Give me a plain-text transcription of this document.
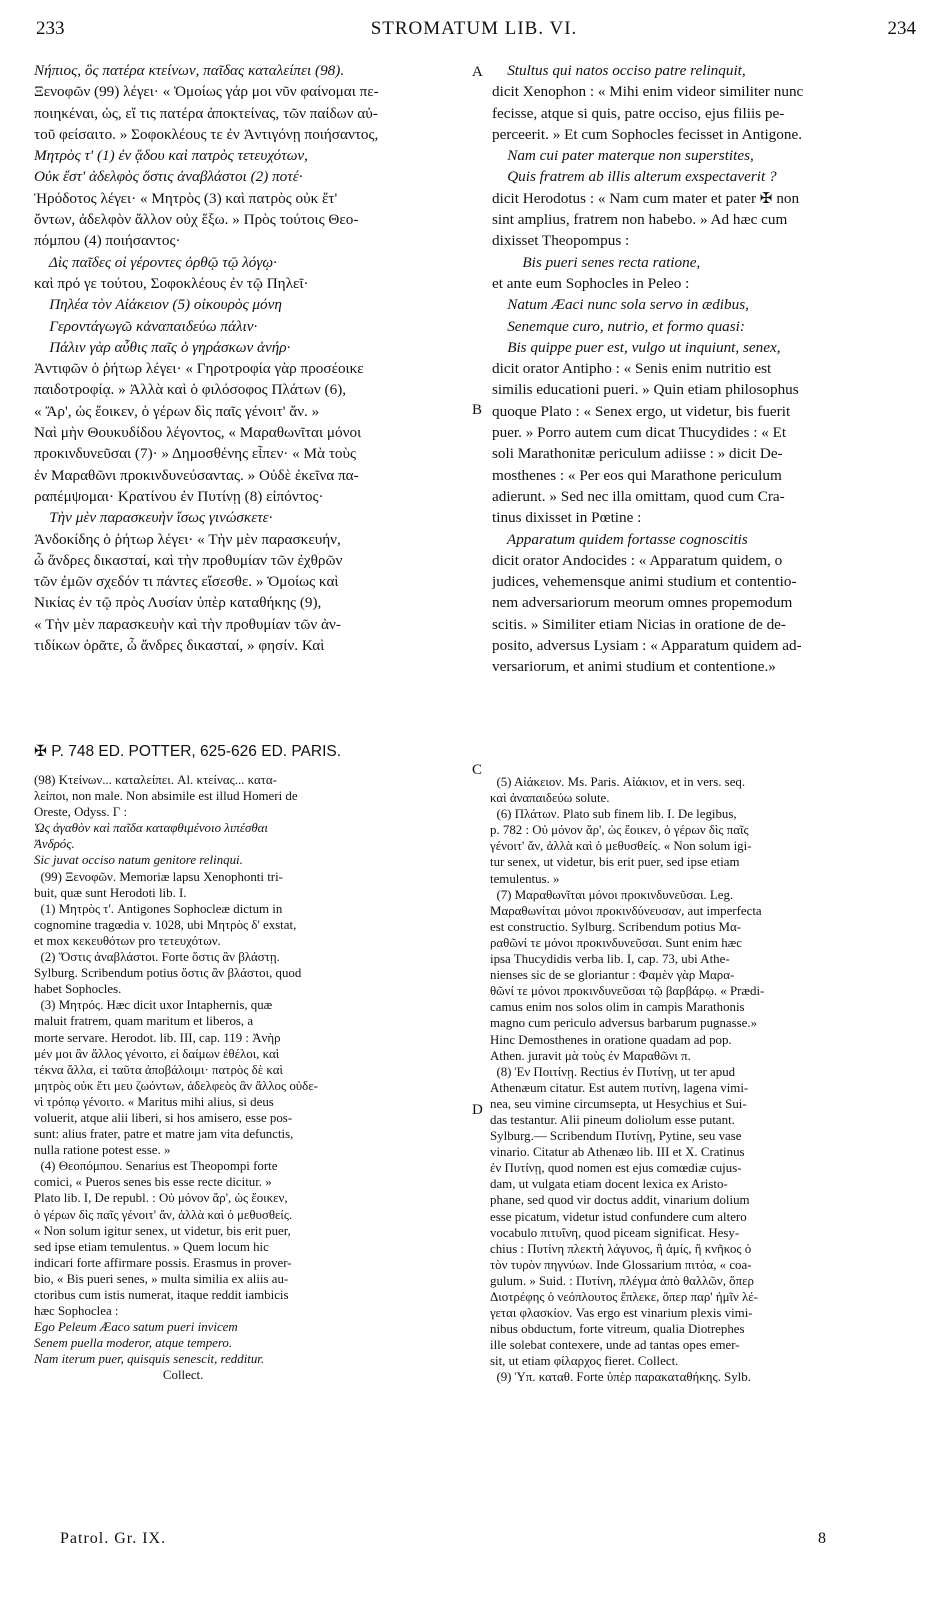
233	STROMATUM LIB. VI.	234
Νήπιος, ὃς πατέρα κτείνων, παῖδας καταλείπει (98).
Ξενοφῶν (99) λέγει· « Ὁμοίως γάρ μοι νῦν φαίνομαι πε-
ποιηκέναι, ὡς, εἴ τις πατέρα ἀποκτείνας, τῶν παίδων αὐ-
τοῦ φείσαιτο. » Σοφοκλέους τε ἐν Ἀντιγόνῃ ποιήσαντος,
Μητρὸς τ' (1) ἐν ᾅδου καὶ πατρὸς τετευχότων,
Οὐκ ἔστ' ἀδελφὸς ὅστις ἀναβλάστοι (2) ποτέ·
Ἡρόδοτος λέγει· « Μητρὸς (3) καὶ πατρὸς οὐκ ἔτ'
ὄντων, ἀδελφὸν ἄλλον οὐχ ἕξω. » Πρὸς τούτοις Θεο-
πόμπου (4) ποιήσαντος·
Δὶς παῖδες οἱ γέροντες ὀρθῷ τῷ λόγῳ·
καὶ πρό γε τούτου, Σοφοκλέους ἐν τῷ Πηλεῖ·
Πηλέα τὸν Αἰάκειον (5) οἰκουρὸς μόνη
Γεροντάγωγῶ κἀναπαιδεύω πάλιν·
Πάλιν γὰρ αὖθις παῖς ὁ γηράσκων ἀνήρ·
Ἀντιφῶν ὁ ῥήτωρ λέγει· « Γηροτροφία γὰρ προσέοικε
παιδοτροφίᾳ. » Ἀλλὰ καὶ ὁ φιλόσοφος Πλάτων (6),
« Ἄρ', ὡς ἔοικεν, ὁ γέρων δὶς παῖς γένοιτ' ἄν. »
Ναὶ μὴν Θουκυδίδου λέγοντος, « Μαραθωνῖται μόνοι
προκινδυνεῦσαι (7)· » Δημοσθένης εἶπεν· « Μὰ τοὺς
ἐν Μαραθῶνι προκινδυνεύσαντας. » Οὐδὲ ἐκεῖνα πα-
ραπέμψομαι· Κρατίνου ἐν Πυτίνῃ (8) εἰπόντος·
Τὴν μὲν παρασκευὴν ἴσως γινώσκετε·
Ἀνδοκίδης ὁ ῥήτωρ λέγει· « Τὴν μὲν παρασκευήν,
ὦ ἄνδρες δικασταί, καὶ τὴν προθυμίαν τῶν ἐχθρῶν
τῶν ἐμῶν σχεδόν τι πάντες εἴσεσθε. » Ὁμοίως καὶ
Νικίας ἐν τῷ πρὸς Λυσίαν ὑπὲρ καταθήκης (9),
« Τὴν μὲν παρασκευὴν καὶ τὴν προθυμίαν τῶν ἀν-
τιδίκων ὁρᾶτε, ὦ ἄνδρες δικασταί, » φησίν. Καὶ
Stultus qui natos occiso patre relinquit,
dicit Xenophon : « Mihi enim videor similiter nunc
fecisse, atque si quis, patre occiso, ejus filiis pe-
perceerit. » Et cum Sophocles fecisset in Antigone.
Nam cui pater materque non superstites,
Quis fratrem ab illis alterum exspectaverit ?
dicit Herodotus : « Nam cum mater et pater ✠ non
sint amplius, fratrem non habebo. » Ad hæc cum
dixisset Theopompus :
Bis pueri senes recta ratione,
et ante eum Sophocles in Peleo :
Natum Æaci nunc sola servo in ædibus,
Senemque curo, nutrio, et formo quasi:
Bis quippe puer est, vulgo ut inquiunt, senex,
dicit orator Antipho : « Senis enim nutritio est
similis educationi pueri. » Quin etiam philosophus
quoque Plato : « Senex ergo, ut videtur, bis fuerit
puer. » Porro autem cum dicat Thucydides : « Et
soli Marathonitæ periculum adiisse : » dicit De-
mosthenes : « Per eos qui Marathone periculum
adierunt. » Sed nec illa omittam, quod cum Cra-
tinus dixisset in Pœtine :
Apparatum quidem fortasse cognoscitis
dicit orator Andocides : « Apparatum quidem, o
judices, vehemensque animi studium et contentio-
nem adversariorum meorum omnes propemodum
scitis. » Similiter etiam Nicias in oratione de de-
posito, adversus Lysiam : « Apparatum quidem ad-
versariorum, et animi studium et contentione.»
A
B
C
D
✠ P. 748 ED. POTTER, 625-626 ED. PARIS.
(98) Κτείνων... καταλείπει. Al. κτείνας... κατα-
λείποι, non male. Non absimile est illud Homeri de
Oreste, Odyss. Γ :
Ὡς ἀγαθὸν καὶ παῖδα καταφθιμένοιο λιπέσθαι
Ἀνδρός.
Sic juvat occiso natum genitore relinqui.
(99) Ξενοφῶν. Memoriæ lapsu Xenophonti tri-
buit, quæ sunt Herodoti lib. I.
(1) Μητρὸς τ'. Antigones Sophocleæ dictum in
cognomine tragœdia v. 1028, ubi Μητρὸς δ' exstat,
et mox κεκευθότων pro τετευχότων.
(2) Ὅστις ἀναβλάστοι. Forte ὅστις ἂν βλάστῃ.
Sylburg. Scribendum potius ὅστις ἂν βλάστοι, quod
habet Sophocles.
(3) Μητρός. Hæc dicit uxor Intaphernis, quæ
maluit fratrem, quam maritum et liberos, a
morte servare. Herodot. lib. III, cap. 119 : Ἀνὴρ
μέν μοι ἂν ἄλλος γένοιτο, εἰ δαίμων ἐθέλοι, καὶ
τέκνα ἄλλα, εἰ ταῦτα ἀποβάλοιμι· πατρὸς δὲ καὶ
μητρὸς οὐκ ἔτι μευ ζωόντων, ἀδελφεὸς ἂν ἄλλος οὐδε-
νὶ τρόπῳ γένοιτο. « Maritus mihi alius, si deus
voluerit, atque alii liberi, si hos amisero, esse pos-
sunt: alius frater, patre et matre jam vita defunctis,
nulla ratione potest esse. »
(4) Θεοπόμπου. Senarius est Theopompi forte
comici, « Pueros senes bis esse recte dicitur. »
Plato lib. I, De republ. : Οὐ μόνον ἄρ', ὡς ἔοικεν,
ὁ γέρων δὶς παῖς γένοιτ' ἄν, ἀλλὰ καὶ ὁ μεθυσθείς.
« Non solum igitur senex, ut videtur, bis erit puer,
sed ipse etiam temulentus. » Quem locum hic
indicari forte affirmare possis. Erasmus in prover-
bio, « Bis pueri senes, » multa similia ex aliis au-
ctoribus cum istis numerat, itaque reddit iambicis
hæc Sophoclea :
Ego Peleum Æaco satum pueri invicem
Senem puella moderor, atque tempero.
Nam iterum puer, quisquis senescit, redditur.
Collect.
(5) Αἰάκειον. Ms. Paris. Αἰάκιον, et in vers. seq.
καὶ ἀναπαιδεύω solute.
(6) Πλάτων. Plato sub finem lib. I. De legibus,
p. 782 : Οὐ μόνον ἄρ', ὡς ἔοικεν, ὁ γέρων δὶς παῖς
γένοιτ' ἄν, ἀλλὰ καὶ ὁ μεθυσθείς. « Non solum igi-
tur senex, ut videtur, bis erit puer, sed ipse etiam
temulentus. »
(7) Μαραθωνῖται μόνοι προκινδυνεῦσαι. Leg.
Μαραθωνίται μόνοι προκινδύνευσαν, aut imperfecta
est constructio. Sylburg. Scribendum potius Μα-
ραθῶνί τε μόνοι προκινδυνεῦσαι. Sunt enim hæc
ipsa Thucydidis verba lib. I, cap. 73, ubi Athe-
nienses sic de se gloriantur : Φαμὲν γὰρ Μαρα-
θῶνί τε μόνοι προκινδυνεῦσαι τῷ βαρβάρῳ. « Prædi-
camus enim nos solos olim in campis Marathonis
magno cum periculo adversus barbarum pugnasse.»
Hinc Demosthenes in oratione quadam ad pop.
Athen. juravit μὰ τοὺς ἐν Μαραθῶνι π.
(8) Ἐν Ποιτίνῃ. Rectius ἐν Πυτίνῃ, ut ter apud
Athenæum citatur. Est autem πυτίνη, lagena vimi-
nea, seu vimine circumsepta, ut Hesychius et Sui-
das testantur. Alii pineum doliolum esse putant.
Sylburg.— Scribendum Πυτίνῃ, Pytine, seu vase
vinario. Citatur ab Athenæo lib. III et X. Cratinus
ἐν Πυτίνῃ, quod nomen est ejus comœdiæ cujus-
dam, ut vulgata etiam docent lexica ex Aristo-
phane, sed quod vir doctus addit, vinarium dolium
esse picatum, videtur istud confundere cum altero
vocabulo πιτυΐνη, quod piceam significat. Hesy-
chius : Πυτίνη πλεκτὴ λάγυνος, ἢ ἀμίς, ἢ κνῆκος ὁ
τὸν τυρὸν πηγνύων. Inde Glossarium πιτόα, « coa-
gulum. » Suid. : Πυτίνη, πλέγμα ἀπὸ θαλλῶν, ὅπερ
Διοτρέφης ὁ νεόπλουτος ἔπλεκε, ὅπερ παρ' ἡμῖν λέ-
γεται φλασκίον. Vas ergo est vinarium plexis vimi-
nibus obductum, forte vitreum, qualia Diotrephes
ille solebat contexere, unde ad tantas opes emer-
sit, ut etiam φίλαρχος fieret. Collect.
(9) Ὑπ. καταθ. Forte ὑπὲρ παρακαταθήκης. Sylb.
Patrol. Gr. IX.	8
